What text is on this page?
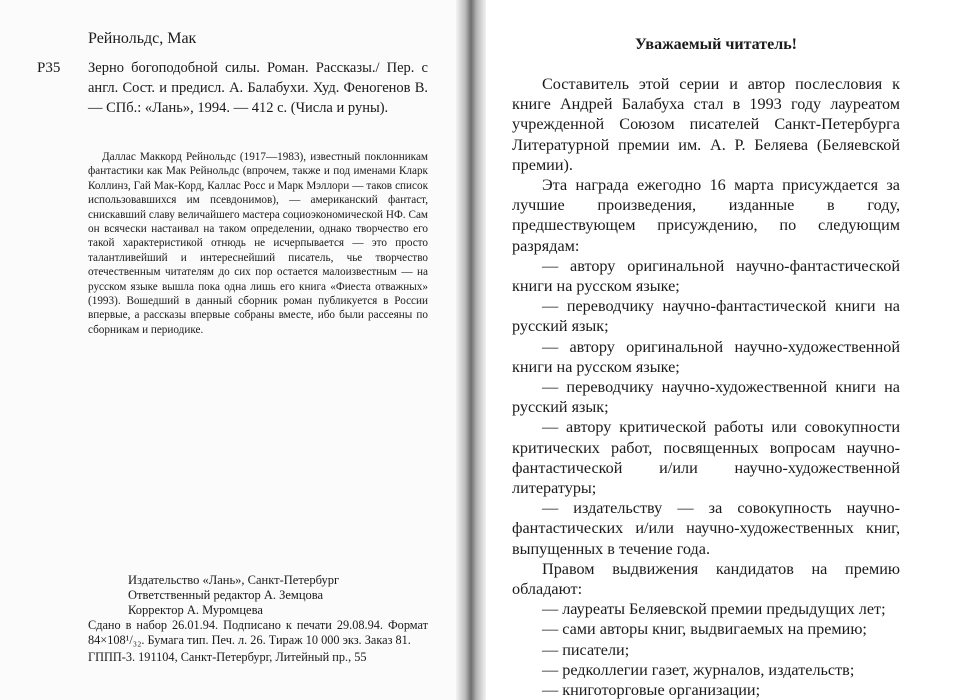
Рейнольдс, Мак
Р35 Зерно богоподобной силы. Роман. Рассказы./ Пер. с англ. Сост. и предисл. А. Балабухи. Худ. Феногенов В. — СПб.: «Лань», 1994. — 412 с. (Числа и руны).
Даллас Маккорд Рейнольдс (1917—1983), известный поклонникам фантастики как Мак Рейнольдс (впрочем, также и под именами Кларк Коллинз, Гай Мак-Корд, Каллас Росс и Марк Мэллори — таков список использовавшихся им псевдонимов), — американский фантаст, снискавший славу величайшего мастера социоэкономической НФ. Сам он всячески настаивал на таком определении, однако творчество его такой характеристикой отнюдь не исчерпывается — это просто талантливейший и интереснейший писатель, чье творчество отечественным читателям до сих пор остается малоизвестным — на русском языке вышла пока одна лишь его книга «Фиеста отважных» (1993). Вошедший в данный сборник роман публикуется в России впервые, а рассказы впервые собраны вместе, ибо были рассеяны по сборникам и периодике.
Издательство «Лань», Санкт-Петербург
Ответственный редактор А. Земцова
Корректор А. Муромцева
Сдано в набор 26.01.94. Подписано к печати 29.08.94. Формат 84×108¹/₃₂. Бумага тип. Печ. л. 26. Тираж 10 000 экз. Заказ 81.
ГППП-3. 191104, Санкт-Петербург, Литейный пр., 55
Уважаемый читатель!

Составитель этой серии и автор послесловия к книге Андрей Балабуха стал в 1993 году лауреатом учрежденной Союзом писателей Санкт-Петербурга Литературной премии им. А. Р. Беляева (Беляевской премии).

Эта награда ежегодно 16 марта присуждается за лучшие произведения, изданные в году, предшествующем присуждению, по следующим разрядам:

— автору оригинальной научно-фантастической книги на русском языке;

— переводчику научно-фантастической книги на русский язык;

— автору оригинальной научно-художественной книги на русском языке;

— переводчику научно-художественной книги на русский язык;

— автору критической работы или совокупности критических работ, посвященных вопросам научно-фантастической и/или научно-художественной литературы;

— издательству — за совокупность научно-фантастических и/или научно-художественных книг, выпущенных в течение года.

Правом выдвижения кандидатов на премию обладают:

— лауреаты Беляевской премии предыдущих лет;

— сами авторы книг, выдвигаемых на премию;

— писатели;

— редколлегии газет, журналов, издательств;

— книготорговые организации;
